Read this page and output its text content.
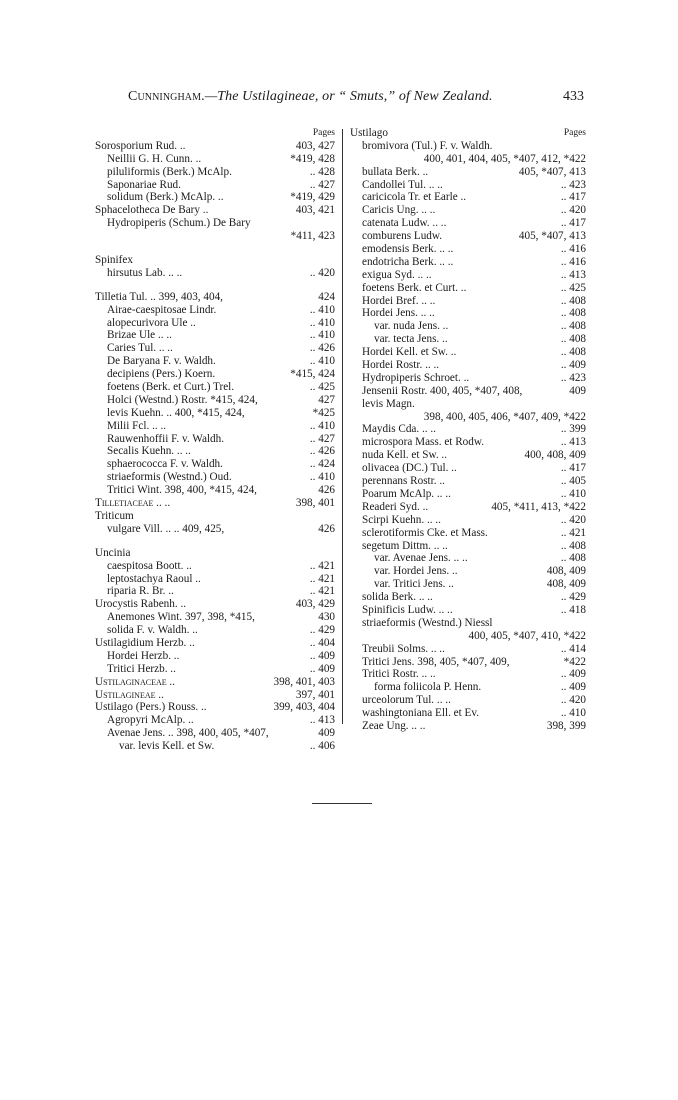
Cunningham.—The Ustilagineae, or “ Smuts,” of New Zealand.	433
Pages
Sorosporium Rud. ..	403, 427
Neillii G. H. Cunn. ..	*419, 428
piluliformis (Berk.) McAlp.	.. 428
Saponariae Rud.	.. 427
solidum (Berk.) McAlp. ..	*419, 429
Sphacelotheca De Bary ..	403, 421
Hydropiperis (Schum.) De Bary
*411, 423
Spinifex
hirsutus Lab. .. ..	.. 420
Tilletia Tul. .. 399, 403, 404,	424
Airae-caespitosae Lindr.	.. 410
alopecurivora Ule ..	.. 410
Brizae Ule .. ..	.. 410
Caries Tul. .. ..	.. 426
De Baryana F. v. Waldh.	.. 410
decipiens (Pers.) Koern.	*415, 424
foetens (Berk. et Curt.) Trel.	.. 425
Holci (Westnd.) Rostr. *415, 424,	427
levis Kuehn. .. 400, *415, 424,	*425
Milii Fcl. .. ..	.. 410
Rauwenhoffii F. v. Waldh.	.. 427
Secalis Kuehn. .. ..	.. 426
sphaerococca F. v. Waldh.	.. 424
striaeformis (Westnd.) Oud.	.. 410
Tritici Wint. 398, 400, *415, 424,	426
Tilletiaceae .. ..	398, 401
Triticum
vulgare Vill. .. .. 409, 425,	426
Uncinia
caespitosa Boott. ..	.. 421
leptostachya Raoul ..	.. 421
riparia R. Br. ..	.. 421
Urocystis Rabenh. ..	403, 429
Anemones Wint. 397, 398, *415,	430
solida F. v. Waldh. ..	.. 429
Ustilagidium Herzb. ..	.. 404
Hordei Herzb. ..	.. 409
Tritici Herzb. ..	.. 409
Ustilaginaceae ..	398, 401, 403
Ustilagineae ..	397, 401
Ustilago (Pers.) Rouss. ..	399, 403, 404
Agropyri McAlp. ..	.. 413
Avenae Jens. .. 398, 400, 405, *407,	409
var. levis Kell. et Sw.	.. 406
Ustilago	Pages
bromivora (Tul.) F. v. Waldh.
400, 401, 404, 405, *407, 412, *422
bullata Berk. ..	405, *407, 413
Candollei Tul. .. ..	.. 423
caricicola Tr. et Earle ..	.. 417
Caricis Ung. .. ..	.. 420
catenata Ludw. .. ..	.. 417
comburens Ludw.	405, *407, 413
emodensis Berk. .. ..	.. 416
endotricha Berk. .. ..	.. 416
exigua Syd. .. ..	.. 413
foetens Berk. et Curt. ..	.. 425
Hordei Bref. .. ..	.. 408
Hordei Jens. .. ..	.. 408
var. nuda Jens. ..	.. 408
var. tecta Jens. ..	.. 408
Hordei Kell. et Sw. ..	.. 408
Hordei Rostr. .. ..	.. 409
Hydropiperis Schroet. ..	.. 423
Jensenii Rostr. 400, 405, *407, 408,	409
levis Magn.
398, 400, 405, 406, *407, 409, *422
Maydis Cda. .. ..	.. 399
microspora Mass. et Rodw.	.. 413
nuda Kell. et Sw. ..	400, 408, 409
olivacea (DC.) Tul. ..	.. 417
perennans Rostr. ..	.. 405
Poarum McAlp. .. ..	.. 410
Readeri Syd. ..	405, *411, 413, *422
Scirpi Kuehn. .. ..	.. 420
sclerotiformis Cke. et Mass.	.. 421
segetum Dittm. .. ..	.. 408
var. Avenae Jens. .. ..	.. 408
var. Hordei Jens. ..	408, 409
var. Tritici Jens. ..	408, 409
solida Berk. .. ..	.. 429
Spinificis Ludw. .. ..	.. 418
striaeformis (Westnd.) Niessl
400, 405, *407, 410, *422
Treubii Solms. .. ..	.. 414
Tritici Jens. 398, 405, *407, 409,	*422
Tritici Rostr. .. ..	.. 409
forma foliicola P. Henn.	.. 409
urceolorum Tul. .. ..	.. 420
washingtoniana Ell. et Ev.	.. 410
Zeae Ung. .. ..	398, 399
